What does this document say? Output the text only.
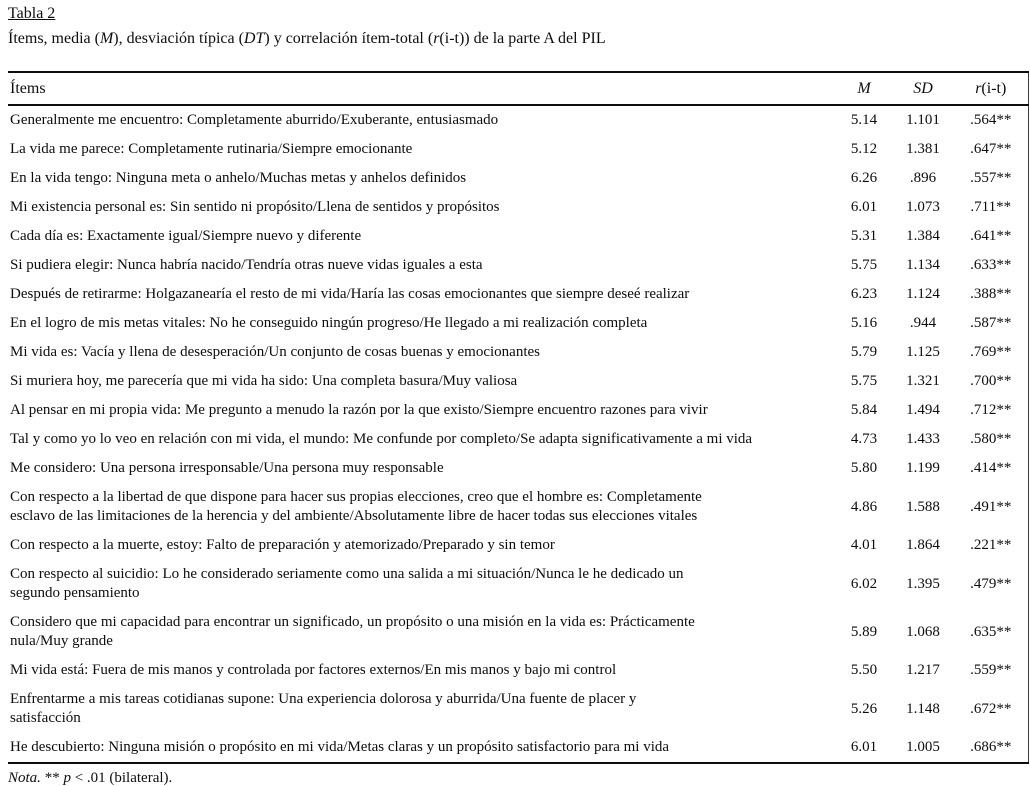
Tabla 2
Ítems, media (M), desviación típica (DT) y correlación ítem-total (r(i-t)) de la parte A del PIL
Ítems	M	SD	r(i-t)
Generalmente me encuentro: Completamente aburrido/Exuberante, entusiasmado	5.14	1.101	.564**
La vida me parece: Completamente rutinaria/Siempre emocionante	5.12	1.381	.647**
En la vida tengo: Ninguna meta o anhelo/Muchas metas y anhelos definidos	6.26	.896	.557**
Mi existencia personal es: Sin sentido ni propósito/Llena de sentidos y propósitos	6.01	1.073	.711**
Cada día es: Exactamente igual/Siempre nuevo y diferente	5.31	1.384	.641**
Si pudiera elegir: Nunca habría nacido/Tendría otras nueve vidas iguales a esta	5.75	1.134	.633**
Después de retirarme: Holgazanearía el resto de mi vida/Haría las cosas emocionantes que siempre deseé realizar	6.23	1.124	.388**
En el logro de mis metas vitales: No he conseguido ningún progreso/He llegado a mi realización completa	5.16	.944	.587**
Mi vida es: Vacía y llena de desesperación/Un conjunto de cosas buenas y emocionantes	5.79	1.125	.769**
Si muriera hoy, me parecería que mi vida ha sido: Una completa basura/Muy valiosa	5.75	1.321	.700**
Al pensar en mi propia vida: Me pregunto a menudo la razón por la que existo/Siempre encuentro razones para vivir	5.84	1.494	.712**
Tal y como yo lo veo en relación con mi vida, el mundo: Me confunde por completo/Se adapta significativamente a mi vida	4.73	1.433	.580**
Me considero: Una persona irresponsable/Una persona muy responsable	5.80	1.199	.414**
Con respecto a la libertad de que dispone para hacer sus propias elecciones, creo que el hombre es: Completamente
esclavo de las limitaciones de la herencia y del ambiente/Absolutamente libre de hacer todas sus elecciones vitales	4.86	1.588	.491**
Con respecto a la muerte, estoy: Falto de preparación y atemorizado/Preparado y sin temor	4.01	1.864	.221**
Con respecto al suicidio: Lo he considerado seriamente como una salida a mi situación/Nunca le he dedicado un
segundo pensamiento	6.02	1.395	.479**
Considero que mi capacidad para encontrar un significado, un propósito o una misión en la vida es: Prácticamente
nula/Muy grande	5.89	1.068	.635**
Mi vida está: Fuera de mis manos y controlada por factores externos/En mis manos y bajo mi control	5.50	1.217	.559**
Enfrentarme a mis tareas cotidianas supone: Una experiencia dolorosa y aburrida/Una fuente de placer y
satisfacción	5.26	1.148	.672**
He descubierto: Ninguna misión o propósito en mi vida/Metas claras y un propósito satisfactorio para mi vida	6.01	1.005	.686**
Nota. ** p < .01 (bilateral).
